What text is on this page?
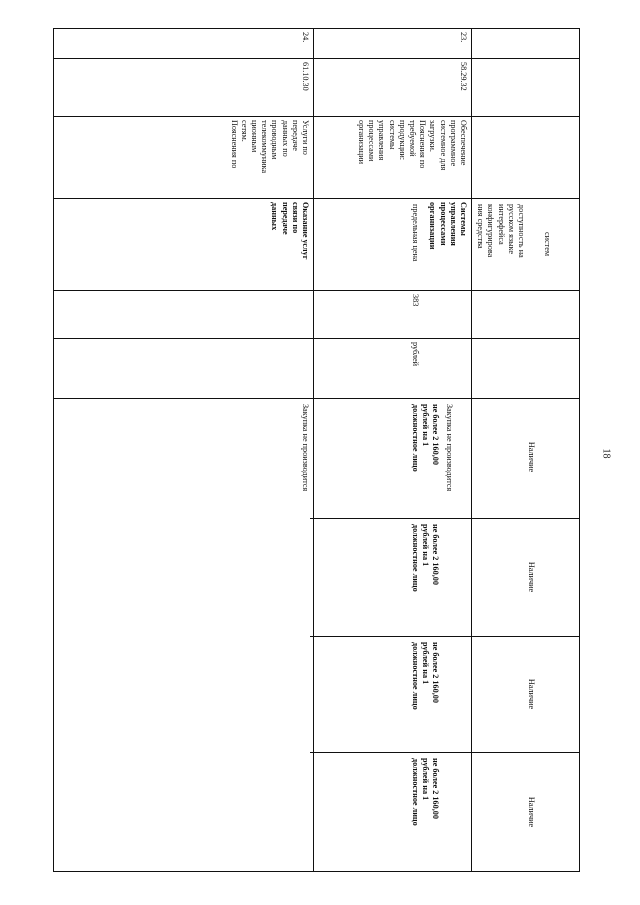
18
доступность на
русском языке
интерфейса
конфигурирова
ния средства	систем
Наличие
Наличие
Наличие
Наличие
23.
58.29.32
Обеспечение
программное
системное для
загрузки.
Пояснения по
требуемой
продукции:
системы
управления
процессами
организации
Системы
управления
процессами
организации
предельная цена
383
рублей
Закупка не производится
не более 2 160,00
рублей на 1
должностное лицо
не более 2 160,00
рублей на 1
должностное лицо
не более 2 160,00
рублей на 1
должностное лицо
не более 2 160,00
рублей на 1
должностное лицо
24.
61.10.30
Услуги по
передаче
данных по
проводным
телекоммуника
ционным
сетям.
Пояснения по
Оказание услуг
связи по
передаче
данных
Закупка не производится
